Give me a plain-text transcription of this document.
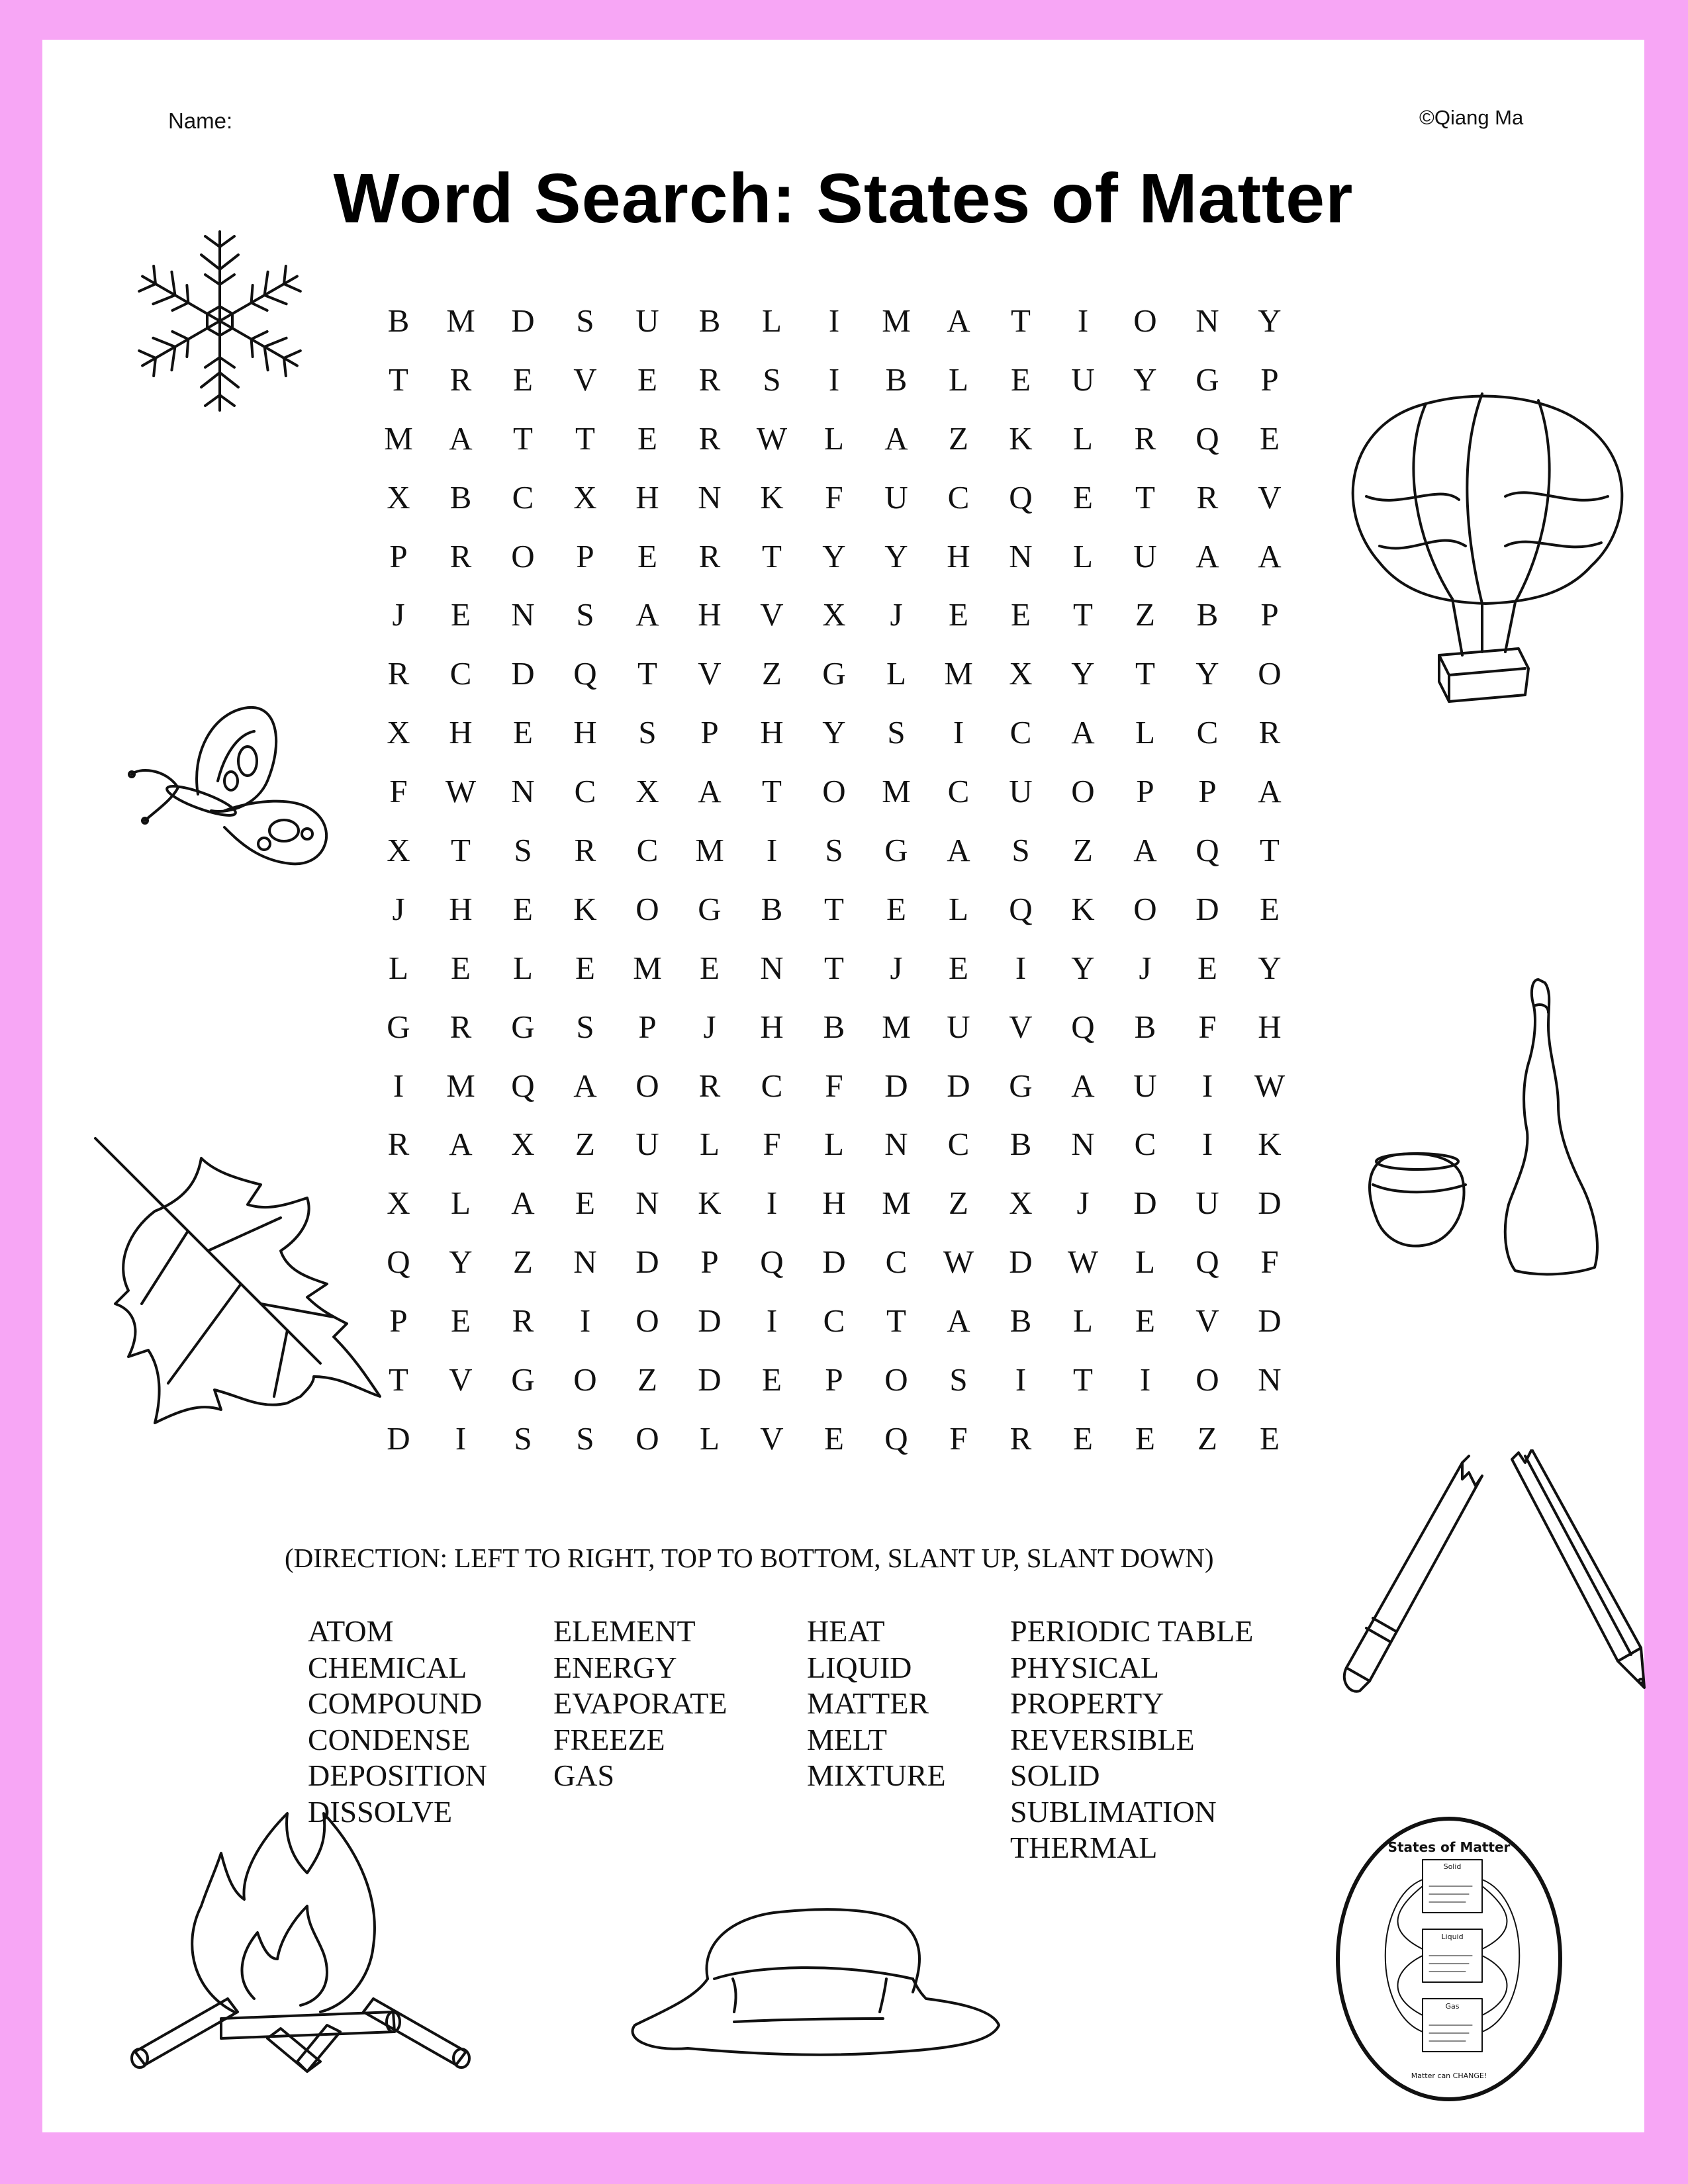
Name:	©Qiang Ma
Word Search: States of Matter
B	M	D	S	U	B	L	I	M	A	T	I	O	N	Y
T	R	E	V	E	R	S	I	B	L	E	U	Y	G	P
M	A	T	T	E	R	W	L	A	Z	K	L	R	Q	E
X	B	C	X	H	N	K	F	U	C	Q	E	T	R	V
P	R	O	P	E	R	T	Y	Y	H	N	L	U	A	A
J	E	N	S	A	H	V	X	J	E	E	T	Z	B	P
R	C	D	Q	T	V	Z	G	L	M	X	Y	T	Y	O
X	H	E	H	S	P	H	Y	S	I	C	A	L	C	R
F	W	N	C	X	A	T	O	M	C	U	O	P	P	A
X	T	S	R	C	M	I	S	G	A	S	Z	A	Q	T
J	H	E	K	O	G	B	T	E	L	Q	K	O	D	E
L	E	L	E	M	E	N	T	J	E	I	Y	J	E	Y
G	R	G	S	P	J	H	B	M	U	V	Q	B	F	H
I	M	Q	A	O	R	C	F	D	D	G	A	U	I	W
R	A	X	Z	U	L	F	L	N	C	B	N	C	I	K
X	L	A	E	N	K	I	H	M	Z	X	J	D	U	D
Q	Y	Z	N	D	P	Q	D	C	W	D	W	L	Q	F
P	E	R	I	O	D	I	C	T	A	B	L	E	V	D
T	V	G	O	Z	D	E	P	O	S	I	T	I	O	N
D	I	S	S	O	L	V	E	Q	F	R	E	E	Z	E
(DIRECTION: LEFT TO RIGHT, TOP TO BOTTOM, SLANT UP, SLANT DOWN)
ATOM
CHEMICAL
COMPOUND
CONDENSE
DEPOSITION
DISSOLVE
ELEMENT
ENERGY
EVAPORATE
FREEZE
GAS
HEAT
LIQUID
MATTER
MELT
MIXTURE
PERIODIC TABLE
PHYSICAL
PROPERTY
REVERSIBLE
SOLID
SUBLIMATION
THERMAL	States of Matter
Solid
Liquid
Gas
Matter can CHANGE!
